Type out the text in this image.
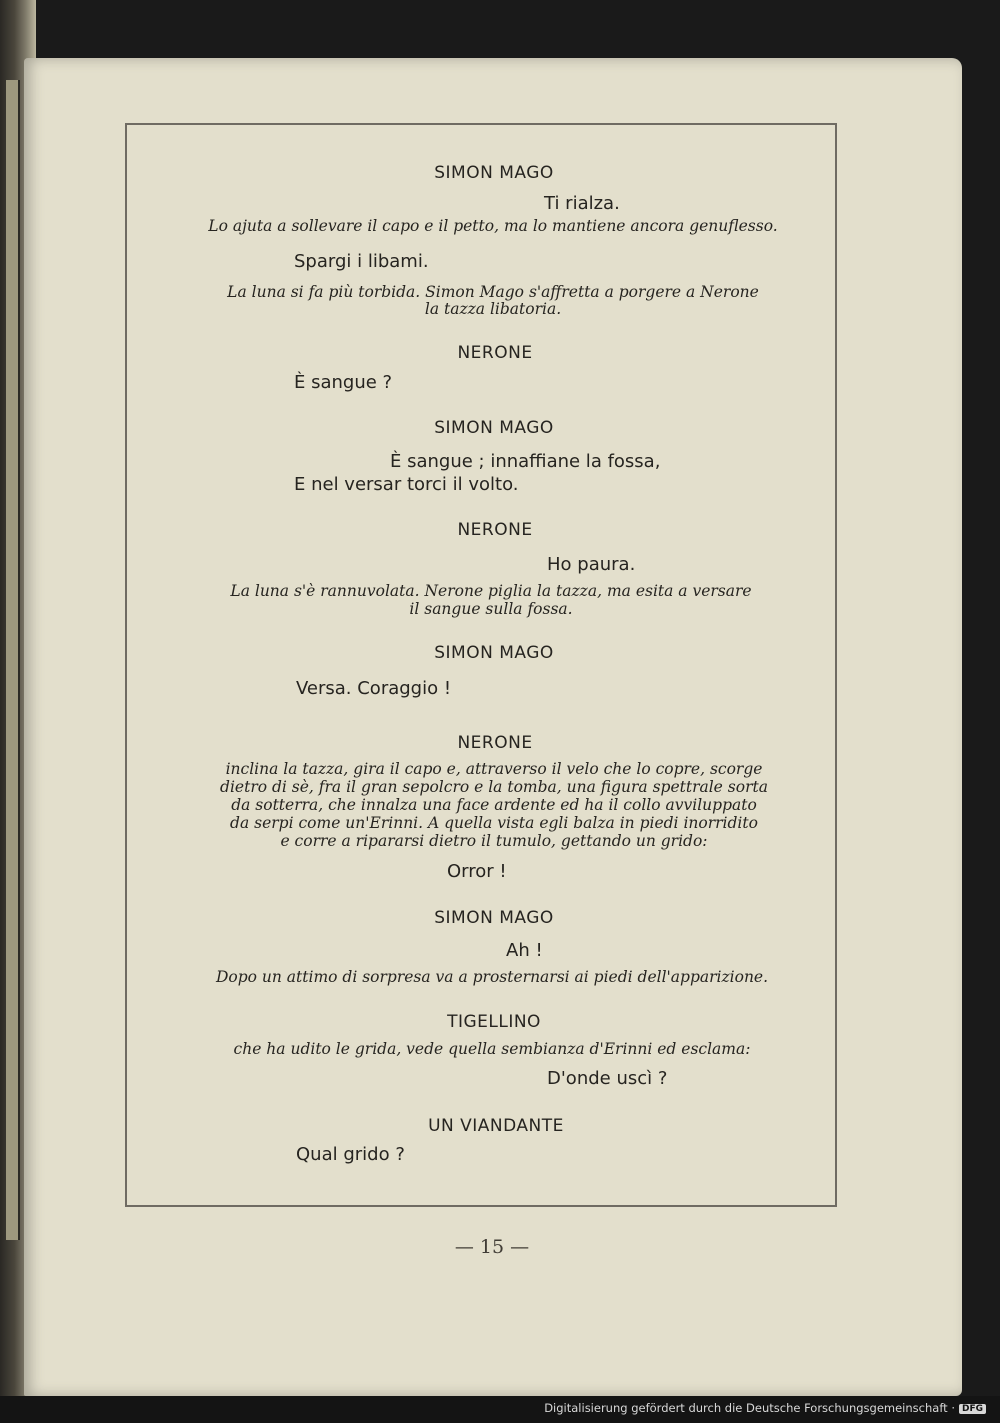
SIMON MAGO
Ti rialza.
Lo ajuta a sollevare il capo e il petto, ma lo mantiene ancora genuflesso.
Spargi i libami.
La luna si fa più torbida. Simon Mago s'affretta a porgere a Nerone
la tazza libatoria.
NERONE
È sangue ?
SIMON MAGO
È sangue ; innaffiane la fossa,
E nel versar torci il volto.
NERONE
Ho paura.
La luna s'è rannuvolata. Nerone piglia la tazza, ma esita a versare
il sangue sulla fossa.
SIMON MAGO
Versa. Coraggio !
NERONE
inclina la tazza, gira il capo e, attraverso il velo che lo copre, scorge
dietro di sè, fra il gran sepolcro e la tomba, una figura spettrale sorta
da sotterra, che innalza una face ardente ed ha il collo avviluppato
da serpi come un'Erinni. A quella vista egli balza in piedi inorridito
e corre a ripararsi dietro il tumulo, gettando un grido:
Orror !
SIMON MAGO
Ah !
Dopo un attimo di sorpresa va a prosternarsi ai piedi dell'apparizione.
TIGELLINO
che ha udito le grida, vede quella sembianza d'Erinni ed esclama:
D'onde uscì ?
UN VIANDANTE
Qual grido ?
— 15 —
Digitalisierung gefördert durch die Deutsche Forschungsgemeinschaft · DFG
